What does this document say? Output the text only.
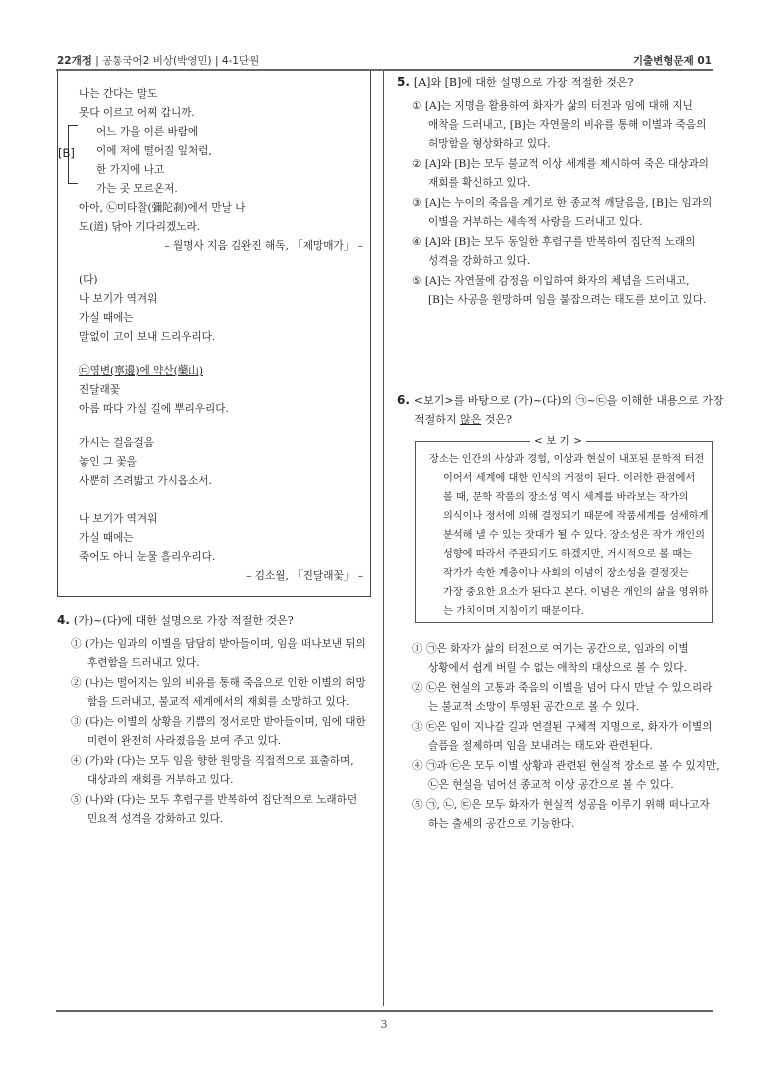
22개정 | 공통국어2 비상(박영민) | 4-1단원	기출변형문제 01
[B]
나는 간다는 말도
못다 이르고 어찌 갑니까.
어느 가을 이른 바람에
이에 저에 떨어질 잎처럼,
한 가지에 나고
가는 곳 모르온저.
아아, ㉡미타찰(彌陀刹)에서 만날 나
도(道) 닦아 기다리겠노라.
– 월명사 지음 김완진 해독, 「제망매가」 –
(다)
나 보기가 역겨워
가실 때에는
말없이 고이 보내 드리우리다.
㉢영변(寧邊)에 약산(藥山)
진달래꽃
아름 따다 가실 길에 뿌리우리다.
가시는 걸음걸음
놓인 그 꽃을
사뿐히 즈려밟고 가시옵소서.
나 보기가 역겨워
가실 때에는
죽어도 아니 눈물 흘리우리다.
– 김소월, 「진달래꽃」 –
4. (가)~(다)에 대한 설명으로 가장 적절한 것은?
① (가)는 임과의 이별을 담담히 받아들이며, 임을 떠나보낸 뒤의
후련함을 드러내고 있다.
② (나)는 떨어지는 잎의 비유를 통해 죽음으로 인한 이별의 허망
함을 드러내고, 불교적 세계에서의 재회를 소망하고 있다.
③ (다)는 이별의 상황을 기쁨의 정서로만 받아들이며, 임에 대한
미련이 완전히 사라졌음을 보여 주고 있다.
④ (가)와 (다)는 모두 임을 향한 원망을 직접적으로 표출하며,
대상과의 재회를 거부하고 있다.
⑤ (나)와 (다)는 모두 후렴구를 반복하여 집단적으로 노래하던
민요적 성격을 강화하고 있다.
5. [A]와 [B]에 대한 설명으로 가장 적절한 것은?
① [A]는 지명을 활용하여 화자가 삶의 터전과 임에 대해 지닌
애착을 드러내고, [B]는 자연물의 비유를 통해 이별과 죽음의
허망함을 형상화하고 있다.
② [A]와 [B]는 모두 불교적 이상 세계를 제시하여 죽은 대상과의
재회를 확신하고 있다.
③ [A]는 누이의 죽음을 계기로 한 종교적 깨달음을, [B]는 임과의
이별을 거부하는 세속적 사랑을 드러내고 있다.
④ [A]와 [B]는 모두 동일한 후렴구를 반복하여 집단적 노래의
성격을 강화하고 있다.
⑤ [A]는 자연물에 감정을 이입하여 화자의 체념을 드러내고,
[B]는 사공을 원망하며 임을 붙잡으려는 태도를 보이고 있다.
6. <보기>를 바탕으로 (가)~(다)의 ㉠~㉢을 이해한 내용으로 가장
적절하지 않은 것은?
< 보 기 >
장소는 인간의 사상과 경험, 이상과 현실이 내포된 문학적 터전
이어서 세계에 대한 인식의 거점이 된다. 이러한 관점에서
볼 때, 문학 작품의 장소성 역시 세계를 바라보는 작가의
의식이나 정서에 의해 결정되기 때문에 작품세계를 섬세하게
분석해 낼 수 있는 잣대가 될 수 있다. 장소성은 작가 개인의
성향에 따라서 주관되기도 하겠지만, 거시적으로 볼 때는
작가가 속한 계층이나 사회의 이념이 장소성을 결정짓는
가장 중요한 요소가 된다고 본다. 이념은 개인의 삶을 영위하
는 가치이며 지침이기 때문이다.
① ㉠은 화자가 삶의 터전으로 여기는 공간으로, 임과의 이별
상황에서 쉽게 버릴 수 없는 애착의 대상으로 볼 수 있다.
② ㉡은 현실의 고통과 죽음의 이별을 넘어 다시 만날 수 있으리라
는 불교적 소망이 투영된 공간으로 볼 수 있다.
③ ㉢은 임이 지나갈 길과 연결된 구체적 지명으로, 화자가 이별의
슬픔을 절제하며 임을 보내려는 태도와 관련된다.
④ ㉠과 ㉢은 모두 이별 상황과 관련된 현실적 장소로 볼 수 있지만,
㉡은 현실을 넘어선 종교적 이상 공간으로 볼 수 있다.
⑤ ㉠, ㉡, ㉢은 모두 화자가 현실적 성공을 이루기 위해 떠나고자
하는 출세의 공간으로 기능한다.
3
